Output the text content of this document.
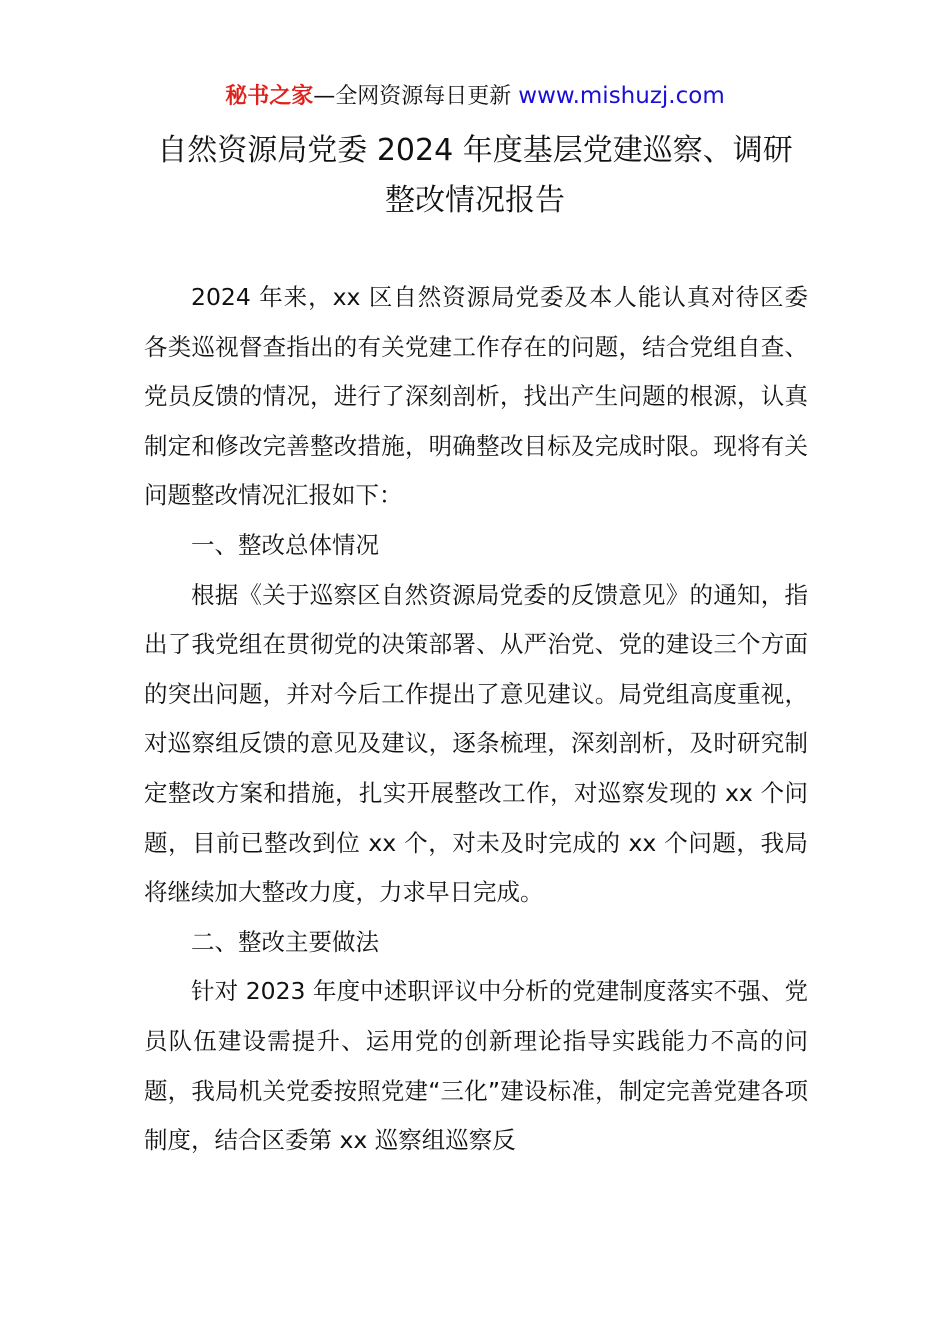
秘书之家—全网资源每日更新 www.mishuzj.com
自然资源局党委 2024 年度基层党建巡察、调研
整改情况报告

2024 年来，xx 区自然资源局党委及本人能认真对待区委各类巡视督查指出的有关党建工作存在的问题，结合党组自查、党员反馈的情况，进行了深刻剖析，找出产生问题的根源，认真制定和修改完善整改措施，明确整改目标及完成时限。现将有关问题整改情况汇报如下：

一、整改总体情况

根据《关于巡察区自然资源局党委的反馈意见》的通知，指出了我党组在贯彻党的决策部署、从严治党、党的建设三个方面的突出问题，并对今后工作提出了意见建议。局党组高度重视，对巡察组反馈的意见及建议，逐条梳理，深刻剖析，及时研究制定整改方案和措施，扎实开展整改工作，对巡察发现的 xx 个问题，目前已整改到位 xx 个，对未及时完成的 xx 个问题，我局将继续加大整改力度，力求早日完成。

二、整改主要做法

针对 2023 年度中述职评议中分析的党建制度落实不强、党员队伍建设需提升、运用党的创新理论指导实践能力不高的问题，我局机关党委按照党建“三化”建设标准，制定完善党建各项制度，结合区委第 xx 巡察组巡察反
